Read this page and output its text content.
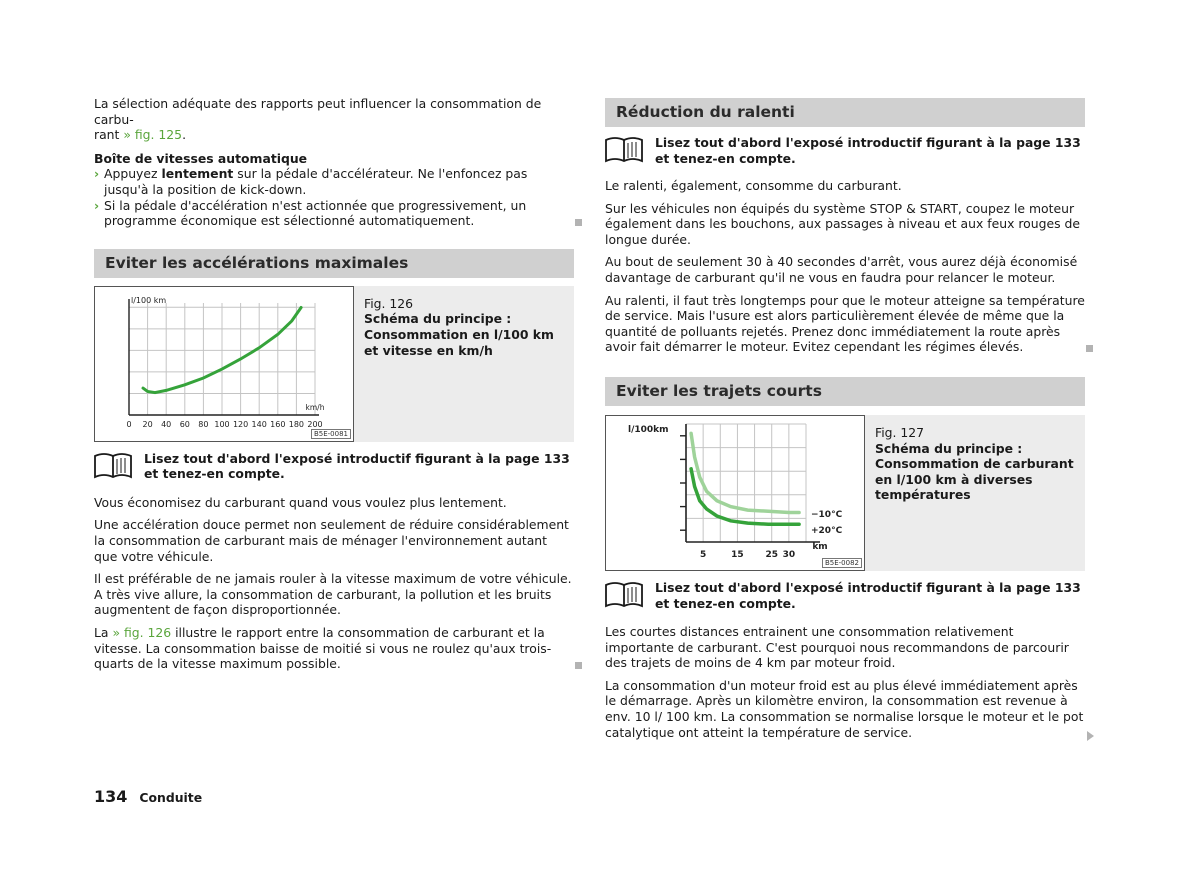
La sélection adéquate des rapports peut influencer la consommation de carbu-
rant » fig. 125.

Boîte de vitesses automatique

› Appuyez lentement sur la pédale d'accélérateur. Ne l'enfoncez pas jusqu'à la position de kick-down.

› Si la pédale d'accélération n'est actionnée que progressivement, un programme économique est sélectionné automatiquement.

Eviter les accélérations maximales
l/100 km
km/h
0 20 40 60 80 100 120 140 160 180 200
B5E-0081
Fig. 126
Schéma du principe : Consommation en l/100 km et vitesse en km/h

Lisez tout d'abord l'exposé introductif figurant à la page 133 et tenez-en compte.

Vous économisez du carburant quand vous voulez plus lentement.

Une accélération douce permet non seulement de réduire considérablement la consommation de carburant mais de ménager l'environnement autant que votre véhicule.

Il est préférable de ne jamais rouler à la vitesse maximum de votre véhicule. A très vive allure, la consommation de carburant, la pollution et les bruits augmentent de façon disproportionnée.

La » fig. 126 illustre le rapport entre la consommation de carburant et la vitesse. La consommation baisse de moitié si vous ne roulez qu'aux trois-quarts de la vitesse maximum possible.

Réduction du ralenti

Lisez tout d'abord l'exposé introductif figurant à la page 133 et tenez-en compte.

Le ralenti, également, consomme du carburant.

Sur les véhicules non équipés du système STOP & START, coupez le moteur également dans les bouchons, aux passages à niveau et aux feux rouges de longue durée.

Au bout de seulement 30 à 40 secondes d'arrêt, vous aurez déjà économisé davantage de carburant qu'il ne vous en faudra pour relancer le moteur.

Au ralenti, il faut très longtemps pour que le moteur atteigne sa température de service. Mais l'usure est alors particulièrement élevée de même que la quantité de polluants rejetés. Prenez donc immédiatement la route après avoir fait démarrer le moteur. Evitez cependant les régimes élevés.

Eviter les trajets courts
l/100km
5	15 25 30
km
−10°C
+20°C
B5E-0082
Fig. 127
Schéma du principe : Consommation de carburant en l/100 km à diverses températures

Lisez tout d'abord l'exposé introductif figurant à la page 133 et tenez-en compte.

Les courtes distances entrainent une consommation relativement importante de carburant. C'est pourquoi nous recommandons de parcourir des trajets de moins de 4 km par moteur froid.

La consommation d'un moteur froid est au plus élevé immédiatement après le démarrage. Après un kilomètre environ, la consommation est revenue à env. 10 l/ 100 km. La consommation se normalise lorsque le moteur et le pot catalytique ont atteint la température de service.

134 Conduite
